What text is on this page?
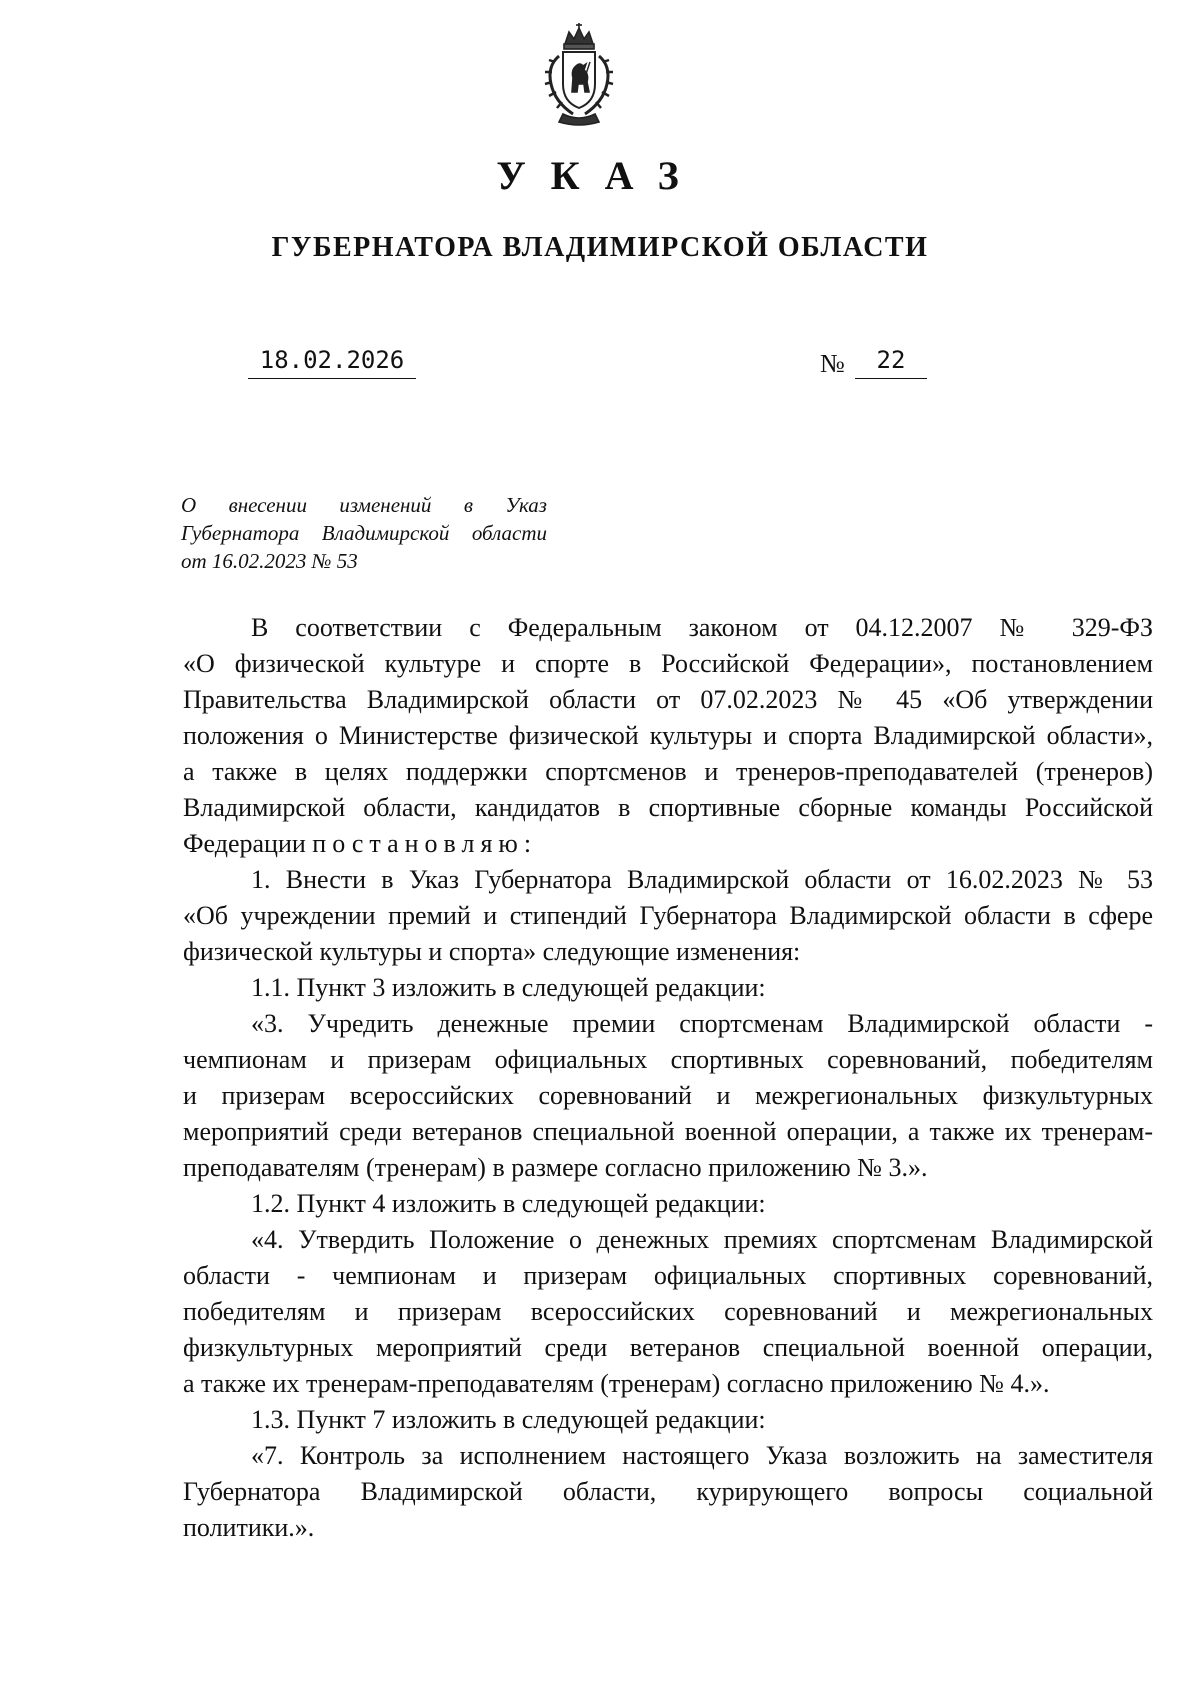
УКАЗ
ГУБЕРНАТОРА ВЛАДИМИРСКОЙ ОБЛАСТИ
18.02.2026	№	22
О внесении изменений в Указ
Губернатора Владимирской области
от 16.02.2023 № 53
В соответствии с Федеральным законом от 04.12.2007 № 329-ФЗ
«О физической культуре и спорте в Российской Федерации», постановлением
Правительства Владимирской области от 07.02.2023 № 45 «Об утверждении
положения о Министерстве физической культуры и спорта Владимирской области»,
а также в целях поддержки спортсменов и тренеров-преподавателей (тренеров)
Владимирской области, кандидатов в спортивные сборные команды Российской
Федерации постановляю:
1. Внести в Указ Губернатора Владимирской области от 16.02.2023 № 53
«Об учреждении премий и стипендий Губернатора Владимирской области в сфере
физической культуры и спорта» следующие изменения:
1.1. Пункт 3 изложить в следующей редакции:
«3. Учредить денежные премии спортсменам Владимирской области -
чемпионам и призерам официальных спортивных соревнований, победителям
и призерам всероссийских соревнований и межрегиональных физкультурных
мероприятий среди ветеранов специальной военной операции, а также их тренерам-
преподавателям (тренерам) в размере согласно приложению № 3.».
1.2. Пункт 4 изложить в следующей редакции:
«4. Утвердить Положение о денежных премиях спортсменам Владимирской
области - чемпионам и призерам официальных спортивных соревнований,
победителям и призерам всероссийских соревнований и межрегиональных
физкультурных мероприятий среди ветеранов специальной военной операции,
а также их тренерам-преподавателям (тренерам) согласно приложению № 4.».
1.3. Пункт 7 изложить в следующей редакции:
«7. Контроль за исполнением настоящего Указа возложить на заместителя
Губернатора Владимирской области, курирующего вопросы социальной
политики.».
